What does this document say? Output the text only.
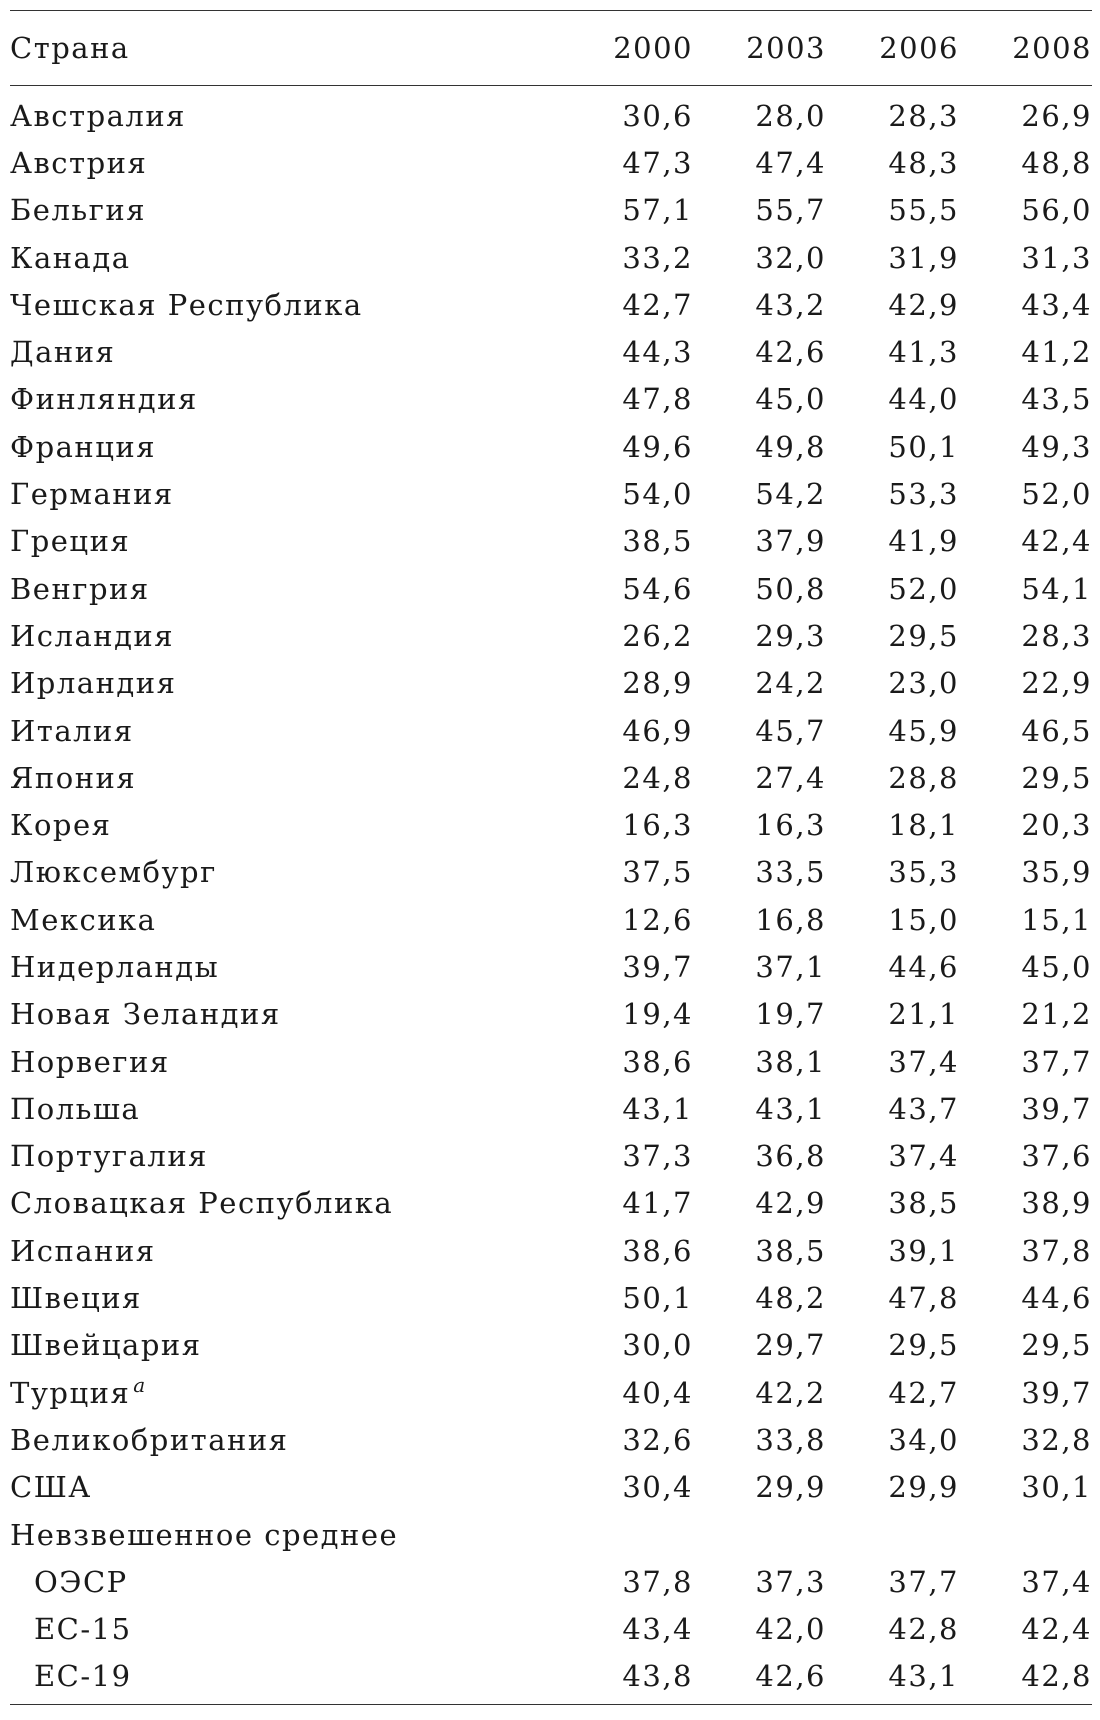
Страна	2000	2003	2006	2008
Австралия	30,6	28,0	28,3	26,9
Австрия	47,3	47,4	48,3	48,8
Бельгия	57,1	55,7	55,5	56,0
Канада	33,2	32,0	31,9	31,3
Чешская Республика	42,7	43,2	42,9	43,4
Дания	44,3	42,6	41,3	41,2
Финляндия	47,8	45,0	44,0	43,5
Франция	49,6	49,8	50,1	49,3
Германия	54,0	54,2	53,3	52,0
Греция	38,5	37,9	41,9	42,4
Венгрия	54,6	50,8	52,0	54,1
Исландия	26,2	29,3	29,5	28,3
Ирландия	28,9	24,2	23,0	22,9
Италия	46,9	45,7	45,9	46,5
Япония	24,8	27,4	28,8	29,5
Корея	16,3	16,3	18,1	20,3
Люксембург	37,5	33,5	35,3	35,9
Мексика	12,6	16,8	15,0	15,1
Нидерланды	39,7	37,1	44,6	45,0
Новая Зеландия	19,4	19,7	21,1	21,2
Норвегия	38,6	38,1	37,4	37,7
Польша	43,1	43,1	43,7	39,7
Португалия	37,3	36,8	37,4	37,6
Словацкая Республика	41,7	42,9	38,5	38,9
Испания	38,6	38,5	39,1	37,8
Швеция	50,1	48,2	47,8	44,6
Швейцария	30,0	29,7	29,5	29,5
Турция $^a$	40,4	42,2	42,7	39,7
Великобритания	32,6	33,8	34,0	32,8
США	30,4	29,9	29,9	30,1
Невзвешенное среднее				
ОЭСР	37,8	37,3	37,7	37,4
ЕС-15	43,4	42,0	42,8	42,4
ЕС-19	43,8	42,6	43,1	42,8
